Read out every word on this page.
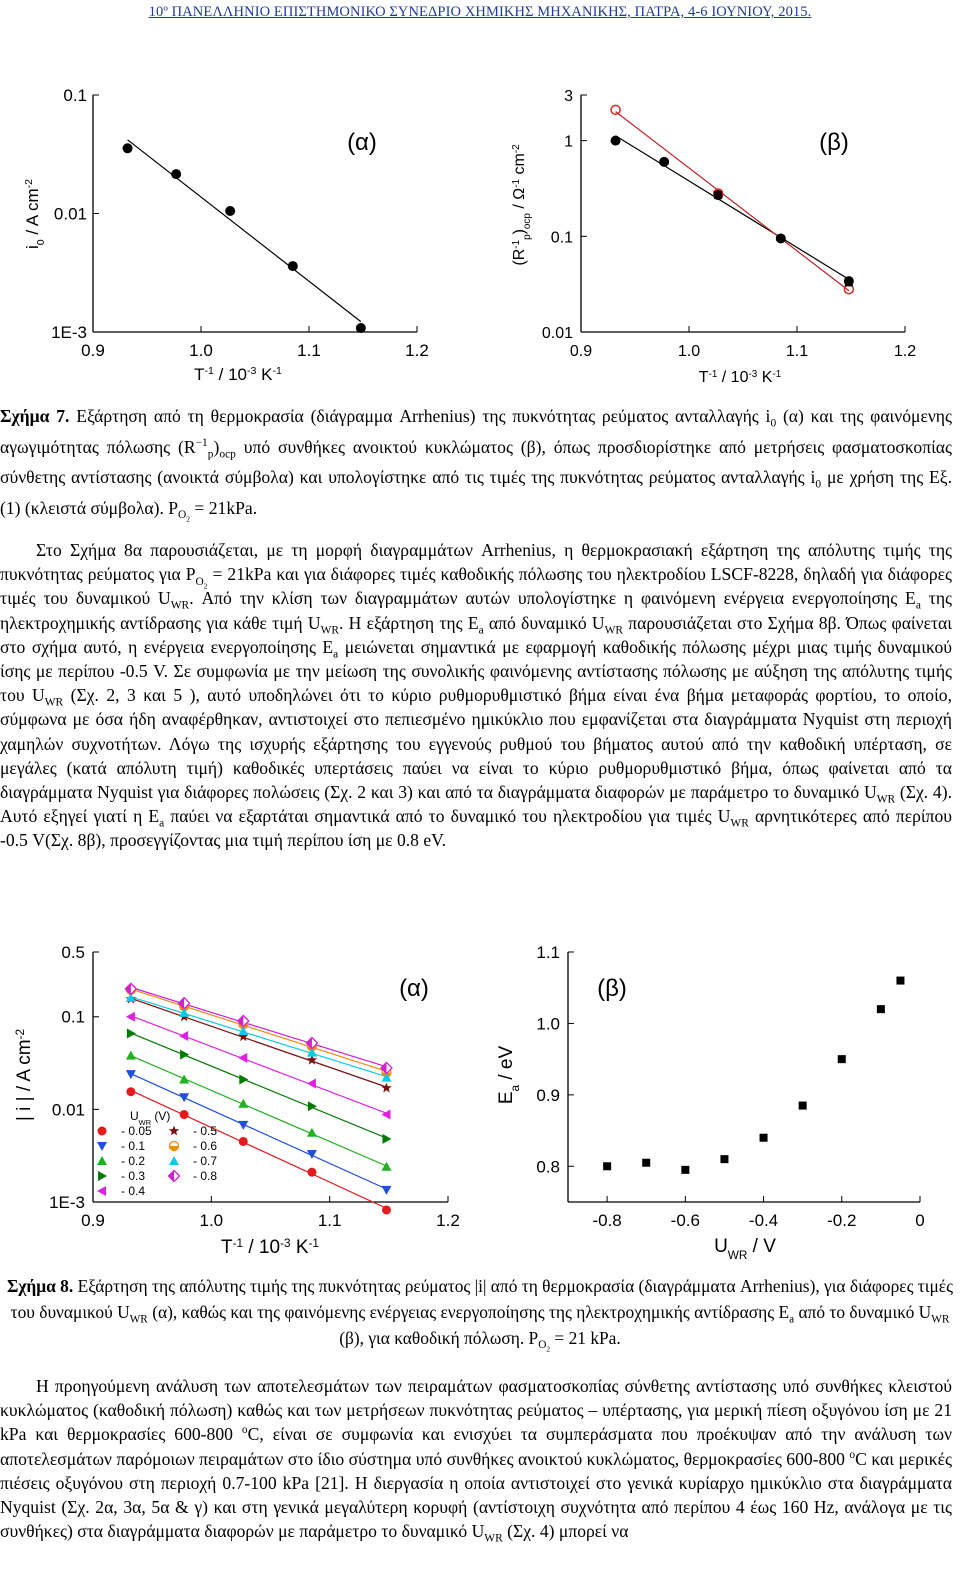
10º ΠΑΝΕΛΛΗΝΙΟ ΕΠΙΣΤΗΜΟΝΙΚΟ ΣΥΝΕΔΡΙΟ ΧΗΜΙΚΗΣ ΜΗΧΑΝΙΚΗΣ, ΠΑΤΡΑ, 4-6 ΙΟΥΝΙΟΥ, 2015.
0.9	1.0	1.1	1.2
1E-3
0.01
0.1
(α)
$T^{-1} / 10^{-3}$ $K^{-1}$
$i_0$ / A $cm^{-2}$
0.9	1.0	1.1	1.2
0.01
0.1
1
3
(β)
$T^{-1} / 10^{-3}$ $K^{-1}$
$(R^{-1}_p)_{ocp} / \Omega^{-1}$ $cm^{-2}$
Σχήμα 7. Εξάρτηση από τη θερμοκρασία (διάγραμμα Arrhenius) της πυκνότητας ρεύματος ανταλλαγής $i_0$ (α) και της φαινόμενης αγωγιμότητας πόλωσης $(R^{-1}_p)_{ocp}$ υπό συνθήκες ανοικτού κυκλώματος (β), όπως προσδιορίστηκε από μετρήσεις φασματοσκοπίας σύνθετης αντίστασης (ανοικτά σύμβολα) και υπολογίστηκε από τις τιμές της πυκνότητας ρεύματος ανταλλαγής $i_0$ με χρήση της Εξ. (1) (κλειστά σύμβολα). $P_{O_2} = 21kPa$.
Στο Σχήμα 8α παρουσιάζεται, με τη μορφή διαγραμμάτων Arrhenius, η θερμοκρασιακή εξάρτηση της απόλυτης τιμής της πυκνότητας ρεύματος για $P_{O_2} = 21kPa$ και για διάφορες τιμές καθοδικής πόλωσης του ηλεκτροδίου LSCF-8228, δηλαδή για διάφορες τιμές του δυναμικού $U_{WR}$. Από την κλίση των διαγραμμάτων αυτών υπολογίστηκε η φαινόμενη ενέργεια ενεργοποίησης $E_a$ της ηλεκτροχημικής αντίδρασης για κάθε τιμή $U_{WR}$. Η εξάρτηση της $E_a$ από δυναμικό $U_{WR}$ παρουσιάζεται στο Σχήμα 8β. Όπως φαίνεται στο σχήμα αυτό, η ενέργεια ενεργοποίησης $E_a$ μειώνεται σημαντικά με εφαρμογή καθοδικής πόλωσης μέχρι μιας τιμής δυναμικού ίσης με περίπου -0.5 V. Σε συμφωνία με την μείωση της συνολικής φαινόμενης αντίστασης πόλωσης με αύξηση της απόλυτης τιμής του $U_{WR}$ (Σχ. 2, 3 και 5 ), αυτό υποδηλώνει ότι το κύριο ρυθμορυθμιστικό βήμα είναι ένα βήμα μεταφοράς φορτίου, το οποίο, σύμφωνα με όσα ήδη αναφέρθηκαν, αντιστοιχεί στο πεπιεσμένο ημικύκλιο που εμφανίζεται στα διαγράμματα Nyquist στη περιοχή χαμηλών συχνοτήτων. Λόγω της ισχυρής εξάρτησης του εγγενούς ρυθμού του βήματος αυτού από την καθοδική υπέρταση, σε μεγάλες (κατά απόλυτη τιμή) καθοδικές υπερτάσεις παύει να είναι το κύριο ρυθμορυθμιστικό βήμα, όπως φαίνεται από τα διαγράμματα Nyquist για διάφορες πολώσεις (Σχ. 2 και 3) και από τα διαγράμματα διαφορών με παράμετρο το δυναμικό $U_{WR}$ (Σχ. 4). Αυτό εξηγεί γιατί η $E_a$ παύει να εξαρτάται σημαντικά από το δυναμικό του ηλεκτροδίου για τιμές $U_{WR}$ αρνητικότερες από περίπου -0.5 V(Σχ. 8β), προσεγγίζοντας μια τιμή περίπου ίση με 0.8 eV.
0.9	1.0	1.1	1.2
1E-3
0.01
0.1
0.5
(α)
$U_{WR}$ (V)
- 0.05
- 0.1
- 0.2
- 0.3
- 0.4
- 0.5
- 0.6
- 0.7
- 0.8
$T^{-1} / 10^{-3}$ $K^{-1}$
| i | / A $cm^{-2}$
-0.8	-0.6	-0.4	-0.2	0
0.8
0.9
1.0
1.1
(β)
$U_{WR}$ / V
$E_a$ / eV
Σχήμα 8. Εξάρτηση της απόλυτης τιμής της πυκνότητας ρεύματος |i| από τη θερμοκρασία (διαγράμματα Arrhenius), για διάφορες τιμές του δυναμικού $U_{WR}$ (α), καθώς και της φαινόμενης ενέργειας ενεργοποίησης της ηλεκτροχημικής αντίδρασης $E_a$ από το δυναμικό $U_{WR}$ (β), για καθοδική πόλωση. $P_{O_2} = 21$ kPa.
Η προηγούμενη ανάλυση των αποτελεσμάτων των πειραμάτων φασματοσκοπίας σύνθετης αντίστασης υπό συνθήκες κλειστού κυκλώματος (καθοδική πόλωση) καθώς και των μετρήσεων πυκνότητας ρεύματος – υπέρτασης, για μερική πίεση οξυγόνου ίση με 21 kPa και θερμοκρασίες 600-800 $^o$C, είναι σε συμφωνία και ενισχύει τα συμπεράσματα που προέκυψαν από την ανάλυση των αποτελεσμάτων παρόμοιων πειραμάτων στο ίδιο σύστημα υπό συνθήκες ανοικτού κυκλώματος, θερμοκρασίες 600-800 $^o$C και μερικές πιέσεις οξυγόνου στη περιοχή 0.7-100 kPa [21]. Η διεργασία η οποία αντιστοιχεί στο γενικά κυρίαρχο ημικύκλιο στα διαγράμματα Nyquist (Σχ. 2α, 3α, 5α & γ) και στη γενικά μεγαλύτερη κορυφή (αντίστοιχη συχνότητα από περίπου 4 έως 160 Hz, ανάλογα με τις συνθήκες) στα διαγράμματα διαφορών με παράμετρο το δυναμικό $U_{WR}$ (Σχ. 4) μπορεί να
